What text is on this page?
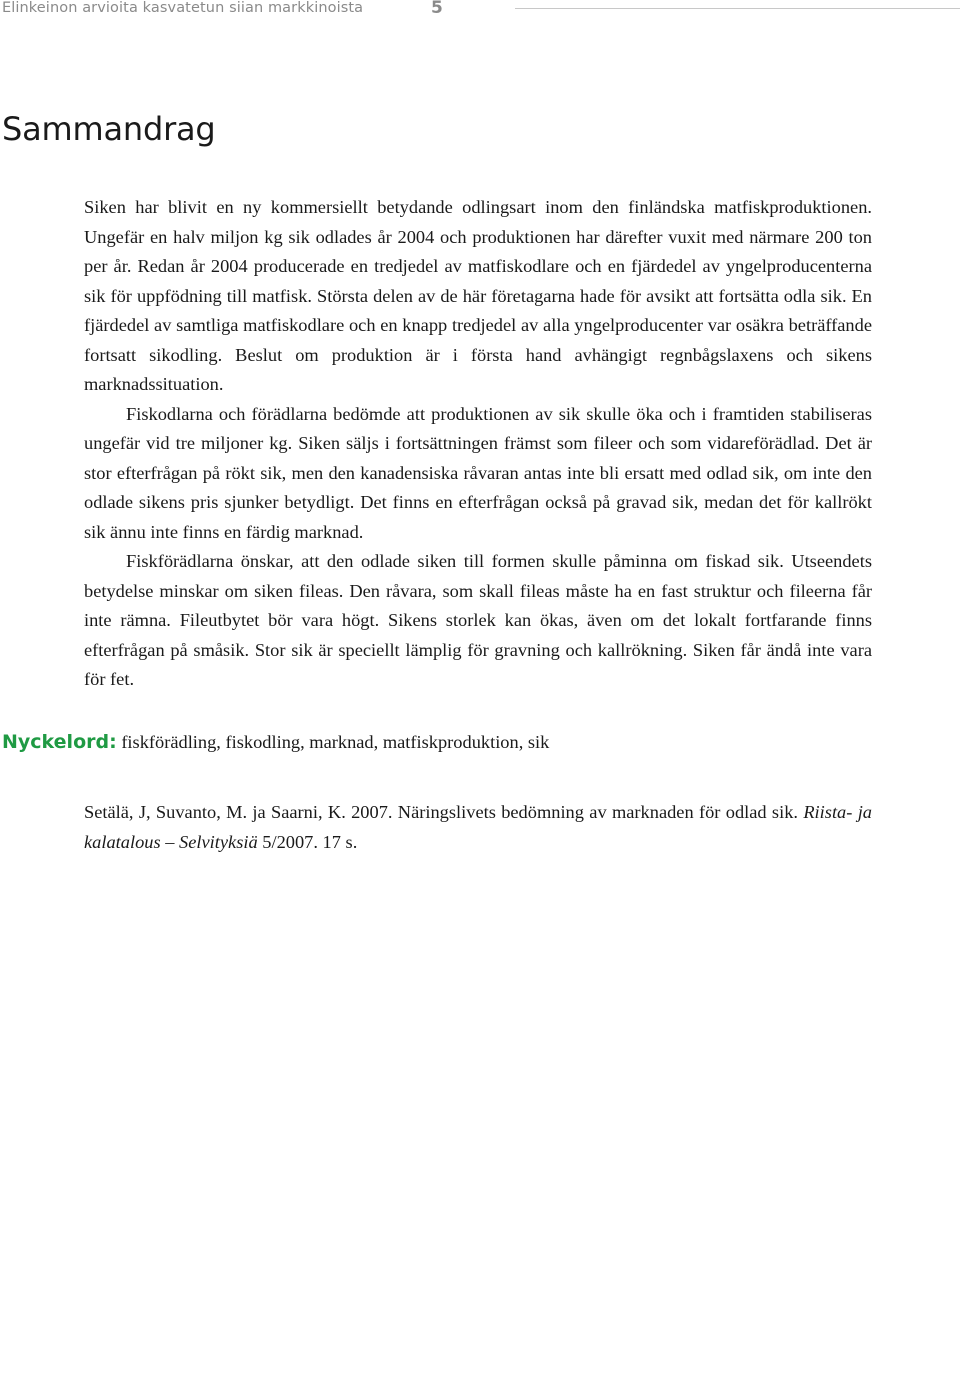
Elinkeinon arvioita kasvatetun siian markkinoista	5
Sammandrag

Siken har blivit en ny kommersiellt betydande odlingsart inom den finländska matfiskproduktionen. Ungefär en halv miljon kg sik odlades år 2004 och produktionen har därefter vuxit med närmare 200 ton per år. Redan år 2004 producerade en tredjedel av matfiskodlare och en fjärdedel av yngelproducenterna sik för uppfödning till matfisk. Största delen av de här företagarna hade för avsikt att fortsätta odla sik. En fjärdedel av samtliga matfiskodlare och en knapp tredjedel av alla yngelproducenter var osäkra beträffande fortsatt sikodling. Beslut om produktion är i första hand avhängigt regnbågslaxens och sikens marknadssituation.

Fiskodlarna och förädlarna bedömde att produktionen av sik skulle öka och i framtiden stabiliseras ungefär vid tre miljoner kg. Siken säljs i fortsättningen främst som fileer och som vidareförädlad. Det är stor efterfrågan på rökt sik, men den kanadensiska råvaran antas inte bli ersatt med odlad sik, om inte den odlade sikens pris sjunker betydligt. Det finns en efterfrågan också på gravad sik, medan det för kallrökt sik ännu inte finns en färdig marknad.

Fiskförädlarna önskar, att den odlade siken till formen skulle påminna om fiskad sik. Utseendets betydelse minskar om siken fileas. Den råvara, som skall fileas måste ha en fast struktur och fileerna får inte rämna. Fileutbytet bör vara högt. Sikens storlek kan ökas, även om det lokalt fortfarande finns efterfrågan på småsik. Stor sik är speciellt lämplig för gravning och kallrökning. Siken får ändå inte vara för fet.

Nyckelord: fiskförädling, fiskodling, marknad, matfiskproduktion, sik
Setälä, J, Suvanto, M. ja Saarni, K. 2007. Näringslivets bedömning av marknaden för odlad sik. Riista- ja kalatalous – Selvityksiä 5/2007. 17 s.
